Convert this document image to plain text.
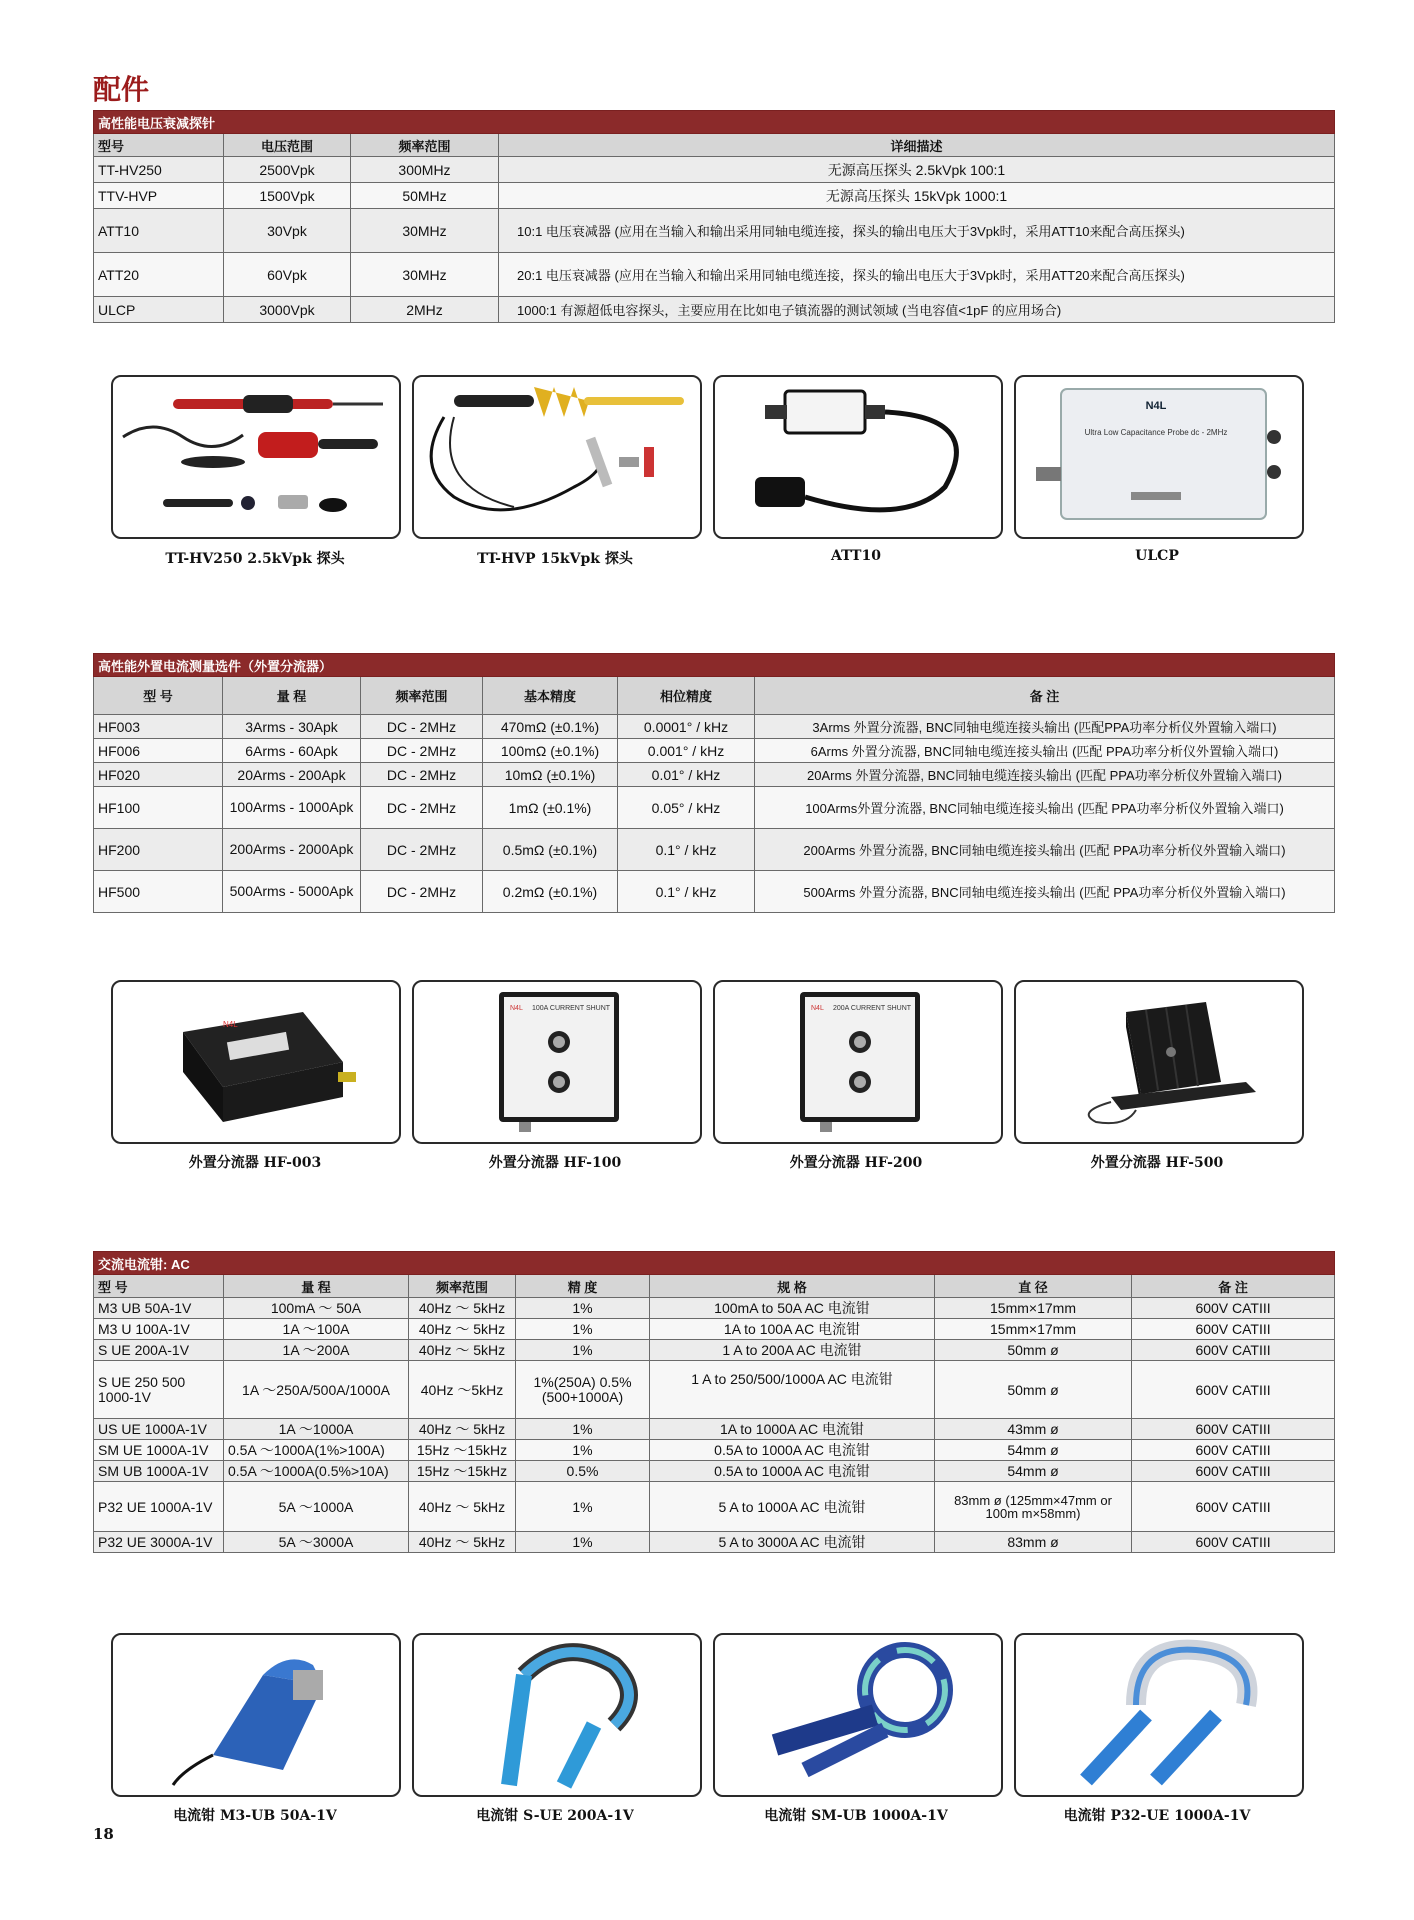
配件
高性能电压衰减探针			
型号	电压范围	频率范围	详细描述
TT-HV250	2500Vpk	300MHz	无源高压探头 2.5kVpk 100:1
TTV-HVP	1500Vpk	50MHz	无源高压探头 15kVpk 1000:1
ATT10	30Vpk	30MHz	10:1 电压衰减器 (应用在当输入和输出采用同轴电缆连接，探头的输出电压大于3Vpk时，采用ATT10来配合高压探头)
ATT20	60Vpk	30MHz	20:1 电压衰减器 (应用在当输入和输出采用同轴电缆连接，探头的输出电压大于3Vpk时，采用ATT20来配合高压探头)
ULCP	3000Vpk	2MHz	1000:1 有源超低电容探头，主要应用在比如电子镇流器的测试领域 (当电容值<1pF 的应用场合)
N4L
Ultra Low Capacitance Probe dc - 2MHz
TT-HV250 2.5kVpk 探头	TT-HVP 15kVpk 探头	ATT10	ULCP
高性能外置电流测量选件（外置分流器）					
型 号	量 程	频率范围	基本精度	相位精度	备 注
HF003	3Arms - 30Apk	DC - 2MHz	470mΩ (±0.1%)	0.0001° / kHz	3Arms 外置分流器, BNC同轴电缆连接头输出 (匹配PPA功率分析仪外置输入端口)
HF006	6Arms - 60Apk	DC - 2MHz	100mΩ (±0.1%)	0.001° / kHz	6Arms 外置分流器, BNC同轴电缆连接头输出 (匹配 PPA功率分析仪外置输入端口)
HF020	20Arms - 200Apk	DC - 2MHz	10mΩ (±0.1%)	0.01° / kHz	20Arms 外置分流器, BNC同轴电缆连接头输出 (匹配 PPA功率分析仪外置输入端口)
HF100	100Arms - 1000Apk	DC - 2MHz	1mΩ (±0.1%)	0.05° / kHz	100Arms外置分流器, BNC同轴电缆连接头输出 (匹配 PPA功率分析仪外置输入端口)
HF200	200Arms - 2000Apk	DC - 2MHz	0.5mΩ (±0.1%)	0.1° / kHz	200Arms 外置分流器, BNC同轴电缆连接头输出 (匹配 PPA功率分析仪外置输入端口)
HF500	500Arms - 5000Apk	DC - 2MHz	0.2mΩ (±0.1%)	0.1° / kHz	500Arms 外置分流器, BNC同轴电缆连接头输出 (匹配 PPA功率分析仪外置输入端口)
N4L
N4L 100A CURRENT SHUNT	N4L 200A CURRENT SHUNT
外置分流器 HF-003	外置分流器 HF-100	外置分流器 HF-200	外置分流器 HF-500
交流电流钳: AC						
型 号	量 程	频率范围	精 度	规 格	直 径	备 注
M3 UB 50A-1V	100mA ～ 50A	40Hz ～ 5kHz	1%	100mA to 50A AC 电流钳	15mm×17mm	600V CATIII
M3 U 100A-1V	1A ～100A	40Hz ～ 5kHz	1%	1A to 100A AC 电流钳	15mm×17mm	600V CATIII
S UE 200A-1V	1A ～200A	40Hz ～ 5kHz	1%	1 A to 200A AC 电流钳	50mm ø	600V CATIII
S UE 250 500 1000-1V	1A ～250A/500A/1000A	40Hz ～5kHz	1%(250A) 0.5%(500+1000A)	1 A to 250/500/1000A AC 电流钳	50mm ø	600V CATIII
US UE 1000A-1V	1A ～1000A	40Hz ～ 5kHz	1%	1A to 1000A AC 电流钳	43mm ø	600V CATIII
SM UE 1000A-1V	0.5A ～1000A(1%>100A)	15Hz ～15kHz	1%	0.5A to 1000A AC 电流钳	54mm ø	600V CATIII
SM UB 1000A-1V	0.5A ～1000A(0.5%>10A)	15Hz ～15kHz	0.5%	0.5A to 1000A AC 电流钳	54mm ø	600V CATIII
P32 UE 1000A-1V	5A ～1000A	40Hz ～ 5kHz	1%	5 A to 1000A AC 电流钳	83mm ø (125mm×47mm or 100m m×58mm)	600V CATIII
P32 UE 3000A-1V	5A ～3000A	40Hz ～ 5kHz	1%	5 A to 3000A AC 电流钳	83mm ø	600V CATIII
电流钳 M3-UB 50A-1V	电流钳 S-UE 200A-1V	电流钳 SM-UB 1000A-1V	电流钳 P32-UE 1000A-1V
18
